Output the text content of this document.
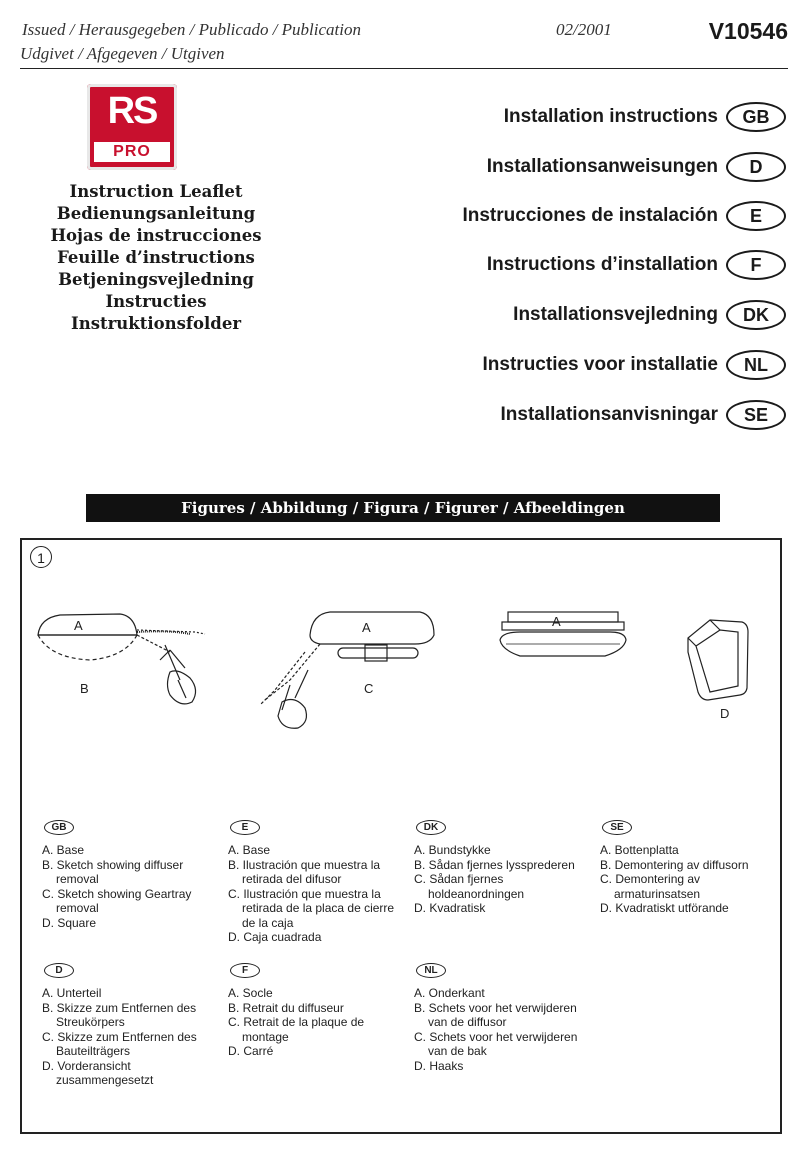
Issued / Herausgegeben / Publicado / Publication
Udgivet / Afgegeven / Utgiven
02/2001	V10546
RS
PRO
Instruction Leaflet
Bedienungsanleitung
Hojas de instrucciones
Feuille d’instructions
Betjeningsvejledning
Instructies
Instruktionsfolder
Installation instructions	GB
Installationsanweisungen	D
Instrucciones de instalación	E
Instructions d’installation	F
Installationsvejledning	DK
Instructies voor installatie	NL
Installationsanvisningar	SE
Figures / Abbildung / Figura / Figurer / Afbeeldingen
1
A
B
A
C
A
D
GB
A. Base
B. Sketch showing diffuser removal
C. Sketch showing Geartray removal
D. Square
E
A. Base
B. Ilustración que muestra la retirada del difusor
C. Ilustración que muestra la retirada de la placa de cierre de la caja
D. Caja cuadrada
DK
A. Bundstykke
B. Sådan fjernes lyssprederen
C. Sådan fjernes holdeanordningen
D. Kvadratisk
SE
A. Bottenplatta
B. Demontering av diffusorn
C. Demontering av armaturinsatsen
D. Kvadratiskt utförande
D
A. Unterteil
B. Skizze zum Entfernen des Streukörpers
C. Skizze zum Entfernen des Bauteilträgers
D. Vorderansicht zusammengesetzt
F
A. Socle
B. Retrait du diffuseur
C. Retrait de la plaque de montage
D. Carré
NL
A. Onderkant
B. Schets voor het verwijderen van de diffusor
C. Schets voor het verwijderen van de bak
D. Haaks
